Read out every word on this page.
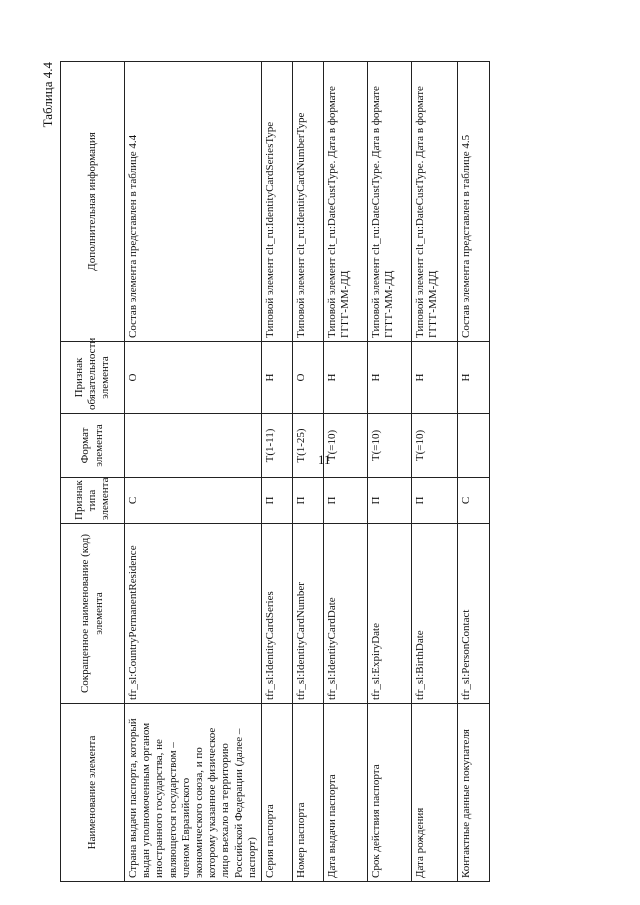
11
Таблица 4.4
Наименование элемента	Сокращенное наименование (код) элемента	Признак типа элемента	Формат элемента	Признак обязательности элемента	Дополнительная информация
Страна выдачи паспорта, который выдан уполномоченным органом иностранного государства, не являющегося государством – членом Евразийского экономического союза, и по которому указанное физическое лицо въехало на территорию Российской Федерации (далее – паспорт)	tfr_sl:CountryPermanentResidence	С		О	Состав элемента представлен в таблице 4.4
Серия паспорта	tfr_sl:IdentityCardSeries	П	T(1-11)	Н	Типовой элемент clt_ru:IdentityCardSeriesType
Номер паспорта	tfr_sl:IdentityCardNumber	П	T(1-25)	О	Типовой элемент clt_ru:IdentityCardNumberType
Дата выдачи паспорта	tfr_sl:IdentityCardDate	П	T(=10)	Н	Типовой элемент clt_ru:DateCustType. Дата в формате ГГГГ-ММ-ДД
Срок действия паспорта	tfr_sl:ExpiryDate	П	T(=10)	Н	Типовой элемент clt_ru:DateCustType. Дата в формате ГГГГ-ММ-ДД
Дата рождения	tfr_sl:BirthDate	П	T(=10)	Н	Типовой элемент clt_ru:DateCustType. Дата в формате ГГГГ-ММ-ДД
Контактные данные покупателя	tfr_sl:PersonContact	С		Н	Состав элемента представлен в таблице 4.5
